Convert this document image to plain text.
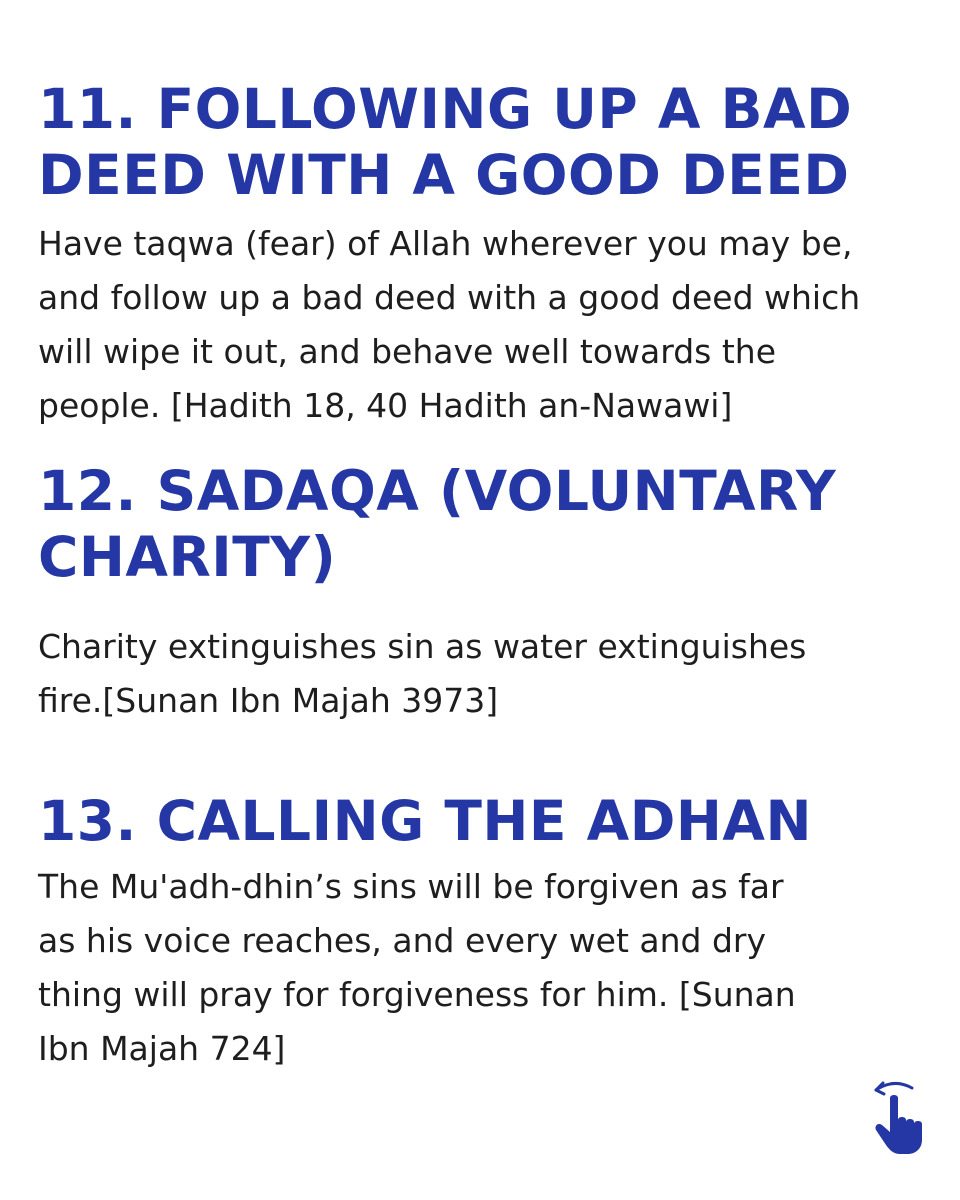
11. FOLLOWING UP A BAD
DEED WITH A GOOD DEED

Have taqwa (fear) of Allah wherever you may be,
and follow up a bad deed with a good deed which
will wipe it out, and behave well towards the
people. [Hadith 18, 40 Hadith an-Nawawi]

12. SADAQA (VOLUNTARY
CHARITY)

Charity extinguishes sin as water extinguishes
fire.[Sunan Ibn Majah 3973]

13. CALLING THE ADHAN

The Mu'adh-dhin’s sins will be forgiven as far
as his voice reaches, and every wet and dry
thing will pray for forgiveness for him. [Sunan
Ibn Majah 724]
